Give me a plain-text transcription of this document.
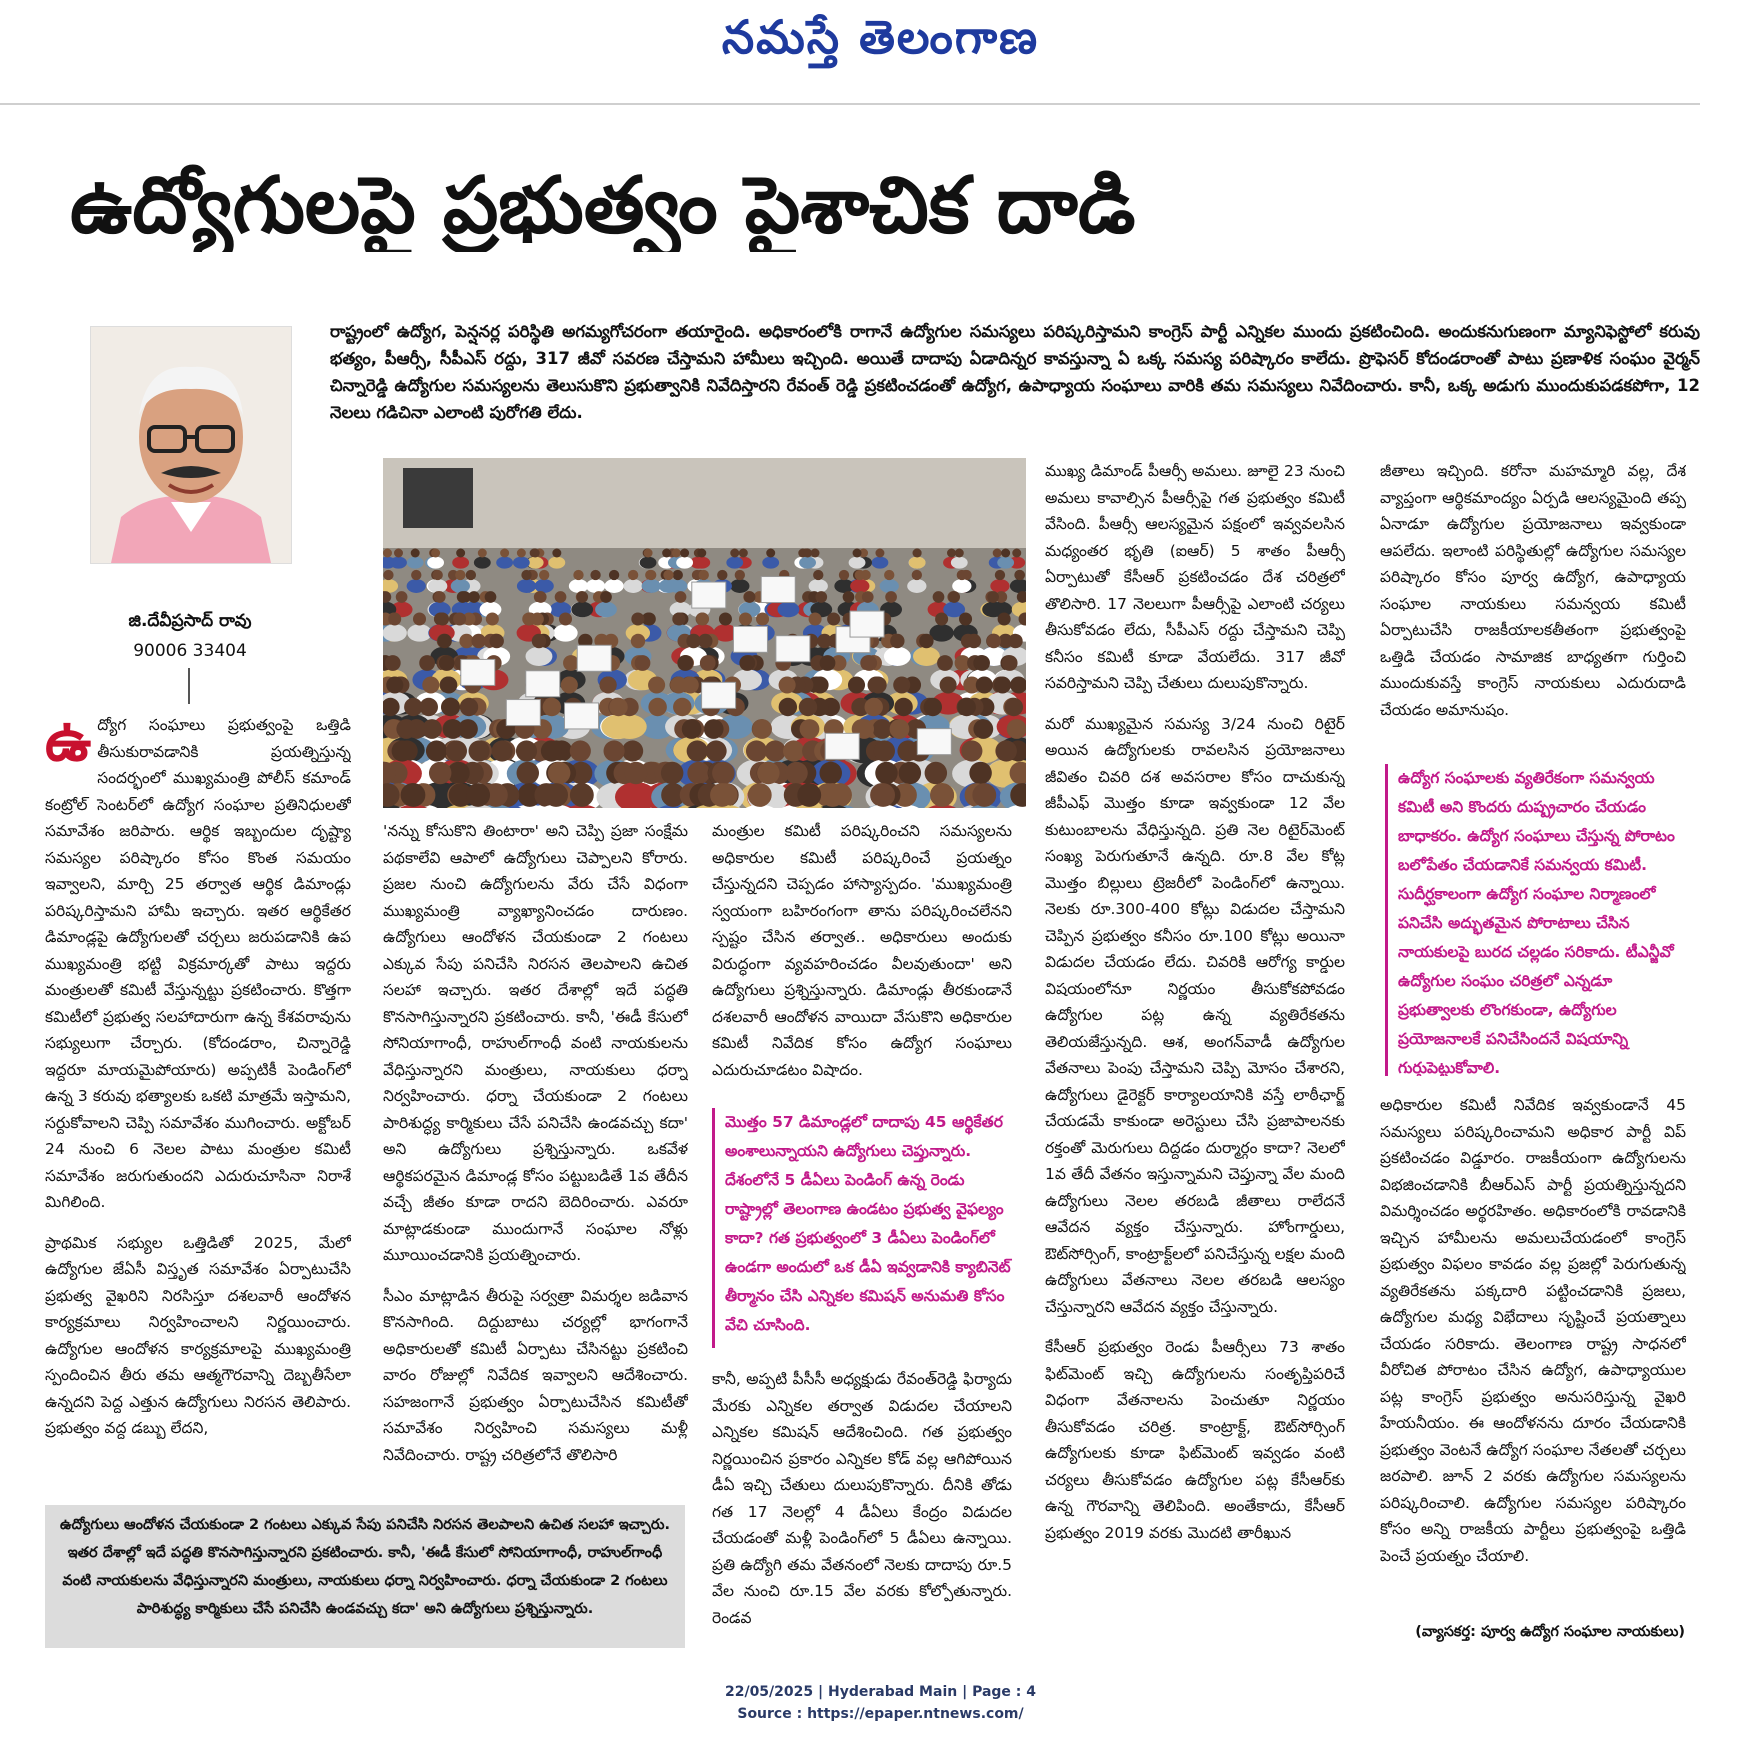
నమస్తే తెలంగాణ
ఉద్యోగులపై ప్రభుత్వం పైశాచిక దాడి
రాష్ట్రంలో ఉద్యోగ, పెన్షనర్ల పరిస్థితి అగమ్యగోచరంగా తయారైంది. అధికారంలోకి రాగానే ఉద్యోగుల సమస్యలు పరిష్కరిస్తామని కాంగ్రెస్ పార్టీ ఎన్నికల ముందు ప్రకటించింది. అందుకనుగుణంగా మ్యానిఫెస్టోలో కరువు భత్యం, పీఆర్సీ, సీపీఎస్ రద్దు, 317 జీవో సవరణ చేస్తామని హామీలు ఇచ్చింది. అయితే దాదాపు ఏడాదిన్నర కావస్తున్నా ఏ ఒక్క సమస్య పరిష్కారం కాలేదు. ప్రొఫెసర్ కోదండరాంతో పాటు ప్రణాళిక సంఘం వైర్మన్ చిన్నారెడ్డి ఉద్యోగుల సమస్యలను తెలుసుకొని ప్రభుత్వానికి నివేదిస్తారని రేవంత్ రెడ్డి ప్రకటించడంతో ఉద్యోగ, ఉపాధ్యాయ సంఘాలు వారికి తమ సమస్యలు నివేదించారు. కానీ, ఒక్క అడుగు ముందుకుపడకపోగా, 12 నెలలు గడిచినా ఎలాంటి పురోగతి లేదు.
జి.దేవీప్రసాద్ రావు
90006 33404

ఉద్యోగ సంఘాలు ప్రభుత్వంపై ఒత్తిడి తీసుకురావడానికి ప్రయత్నిస్తున్న సందర్భంలో ముఖ్యమంత్రి పోలీస్ కమాండ్ కంట్రోల్ సెంటర్‌లో ఉద్యోగ సంఘాల ప్రతినిధులతో సమావేశం జరిపారు. ఆర్థిక ఇబ్బందుల దృష్ట్యా సమస్యల పరిష్కారం కోసం కొంత సమయం ఇవ్వాలని, మార్చి 25 తర్వాత ఆర్థిక డిమాండ్లు పరిష్కరిస్తామని హామీ ఇచ్చారు. ఇతర ఆర్థికేతర డిమాండ్లపై ఉద్యోగులతో చర్చలు జరుపడానికి ఉప ముఖ్యమంత్రి భట్టి విక్రమార్కతో పాటు ఇద్దరు మంత్రులతో కమిటీ వేస్తున్నట్టు ప్రకటించారు. కొత్తగా కమిటీలో ప్రభుత్వ సలహాదారుగా ఉన్న కేశవరావును సభ్యులుగా చేర్చారు. (కోదండరాం, చిన్నారెడ్డి ఇద్దరూ మాయమైపోయారు) అప్పటికీ పెండింగ్‌లో ఉన్న 3 కరువు భత్యాలకు ఒకటి మాత్రమే ఇస్తామని, సర్దుకోవాలని చెప్పి సమావేశం ముగించారు. అక్టోబర్ 24 నుంచి 6 నెలల పాటు మంత్రుల కమిటీ సమావేశం జరుగుతుందని ఎదురుచూసినా నిరాశే మిగిలింది.

ప్రాథమిక సభ్యుల ఒత్తిడితో 2025, మేలో ఉద్యోగుల జేఏసీ విస్తృత సమావేశం ఏర్పాటుచేసి ప్రభుత్వ వైఖరిని నిరసిస్తూ దశలవారీ ఆందోళన కార్యక్రమాలు నిర్వహించాలని నిర్ణయించారు. ఉద్యోగుల ఆందోళన కార్యక్రమాలపై ముఖ్యమంత్రి స్పందించిన తీరు తమ ఆత్మగౌరవాన్ని దెబ్బతీసేలా ఉన్నదని పెద్ద ఎత్తున ఉద్యోగులు నిరసన తెలిపారు. ప్రభుత్వం వద్ద డబ్బు లేదని,

'నన్ను కోసుకొని తింటారా' అని చెప్పి ప్రజా సంక్షేమ పథకాలేవి ఆపాలో ఉద్యోగులు చెప్పాలని కోరారు. ప్రజల నుంచి ఉద్యోగులను వేరు చేసే విధంగా ముఖ్యమంత్రి వ్యాఖ్యానించడం దారుణం. ఉద్యోగులు ఆందోళన చేయకుండా 2 గంటలు ఎక్కువ సేపు పనిచేసి నిరసన తెలపాలని ఉచిత సలహా ఇచ్చారు. ఇతర దేశాల్లో ఇదే పద్ధతి కొనసాగిస్తున్నారని ప్రకటించారు. కానీ, 'ఈడీ కేసులో సోనియాగాంధీ, రాహుల్‌గాంధీ వంటి నాయకులను వేధిస్తున్నారని మంత్రులు, నాయకులు ధర్నా నిర్వహించారు. ధర్నా చేయకుండా 2 గంటలు పారిశుద్ధ్య కార్మికులు చేసే పనిచేసి ఉండవచ్చు కదా' అని ఉద్యోగులు ప్రశ్నిస్తున్నారు. ఒకవేళ ఆర్థికపరమైన డిమాండ్ల కోసం పట్టుబడితే 1వ తేదీన వచ్చే జీతం కూడా రాదని బెదిరించారు. ఎవరూ మాట్లాడకుండా ముందుగానే సంఘాల నోళ్లు మూయించడానికి ప్రయత్నించారు.

సీఎం మాట్లాడిన తీరుపై సర్వత్రా విమర్శల జడివాన కొనసాగింది. దిద్దుబాటు చర్యల్లో భాగంగానే అధికారులతో కమిటీ ఏర్పాటు చేసినట్టు ప్రకటించి వారం రోజుల్లో నివేదిక ఇవ్వాలని ఆదేశించారు. సహజంగానే ప్రభుత్వం ఏర్పాటుచేసిన కమిటీతో సమావేశం నిర్వహించి సమస్యలు మళ్లీ నివేదించారు. రాష్ట్ర చరిత్రలోనే తొలిసారి

మంత్రుల కమిటీ పరిష్కరించని సమస్యలను అధికారుల కమిటీ పరిష్కరించే ప్రయత్నం చేస్తున్నదని చెప్పడం హాస్యాస్పదం. 'ముఖ్యమంత్రి స్వయంగా బహిరంగంగా తాను పరిష్కరించలేనని స్పష్టం చేసిన తర్వాత.. అధికారులు అందుకు విరుద్ధంగా వ్యవహరించడం వీలవుతుందా' అని ఉద్యోగులు ప్రశ్నిస్తున్నారు. డిమాండ్లు తీరకుండానే దశలవారీ ఆందోళన వాయిదా వేసుకొని అధికారుల కమిటీ నివేదిక కోసం ఉద్యోగ సంఘాలు ఎదురుచూడటం విషాదం.

మొత్తం 57 డిమాండ్లలో దాదాపు 45 ఆర్థికేతర అంశాలున్నాయని ఉద్యోగులు చెప్తున్నారు. దేశంలోనే 5 డీఏలు పెండింగ్ ఉన్న రెండు రాష్ట్రాల్లో తెలంగాణ ఉండటం ప్రభుత్వ వైఫల్యం కాదా? గత ప్రభుత్వంలో 3 డీఏలు పెండింగ్‌లో ఉండగా అందులో ఒక డీఏ ఇవ్వడానికి క్యాబినెట్ తీర్మానం చేసి ఎన్నికల కమిషన్ అనుమతి కోసం వేచి చూసింది.

కానీ, అప్పటి పీసీసీ అధ్యక్షుడు రేవంత్‌రెడ్డి ఫిర్యాదు మేరకు ఎన్నికల తర్వాత విడుదల చేయాలని ఎన్నికల కమిషన్ ఆదేశించింది. గత ప్రభుత్వం నిర్ణయించిన ప్రకారం ఎన్నికల కోడ్ వల్ల ఆగిపోయిన డీఏ ఇచ్చి చేతులు దులుపుకొన్నారు. దీనికి తోడు గత 17 నెలల్లో 4 డీఏలు కేంద్రం విడుదల చేయడంతో మళ్లీ పెండింగ్‌లో 5 డీఏలు ఉన్నాయి. ప్రతి ఉద్యోగి తమ వేతనంలో నెలకు దాదాపు రూ.5 వేల నుంచి రూ.15 వేల వరకు కోల్పోతున్నారు. రెండవ

ముఖ్య డిమాండ్ పీఆర్సీ అమలు. జూలై 23 నుంచి అమలు కావాల్సిన పీఆర్సీపై గత ప్రభుత్వం కమిటీ వేసింది. పీఆర్సీ ఆలస్యమైన పక్షంలో ఇవ్వవలసిన మధ్యంతర భృతి (ఐఆర్) 5 శాతం పీఆర్సీ ఏర్పాటుతో కేసీఆర్ ప్రకటించడం దేశ చరిత్రలో తొలిసారి. 17 నెలలుగా పీఆర్సీపై ఎలాంటి చర్యలు తీసుకోవడం లేదు, సీపీఎస్ రద్దు చేస్తామని చెప్పి కనీసం కమిటీ కూడా వేయలేదు. 317 జీవో సవరిస్తామని చెప్పి చేతులు దులుపుకొన్నారు.

మరో ముఖ్యమైన సమస్య 3/24 నుంచి రిటైర్ అయిన ఉద్యోగులకు రావలసిన ప్రయోజనాలు జీవితం చివరి దశ అవసరాల కోసం దాచుకున్న జీపీఎఫ్ మొత్తం కూడా ఇవ్వకుండా 12 వేల కుటుంబాలను వేధిస్తున్నది. ప్రతి నెల రిటైర్‌మెంట్ సంఖ్య పెరుగుతూనే ఉన్నది. రూ.8 వేల కోట్ల మొత్తం బిల్లులు ట్రెజరీలో పెండింగ్‌లో ఉన్నాయి. నెలకు రూ.300-400 కోట్లు విడుదల చేస్తామని చెప్పిన ప్రభుత్వం కనీసం రూ.100 కోట్లు అయినా విడుదల చేయడం లేదు. చివరికి ఆరోగ్య కార్డుల విషయంలోనూ నిర్ణయం తీసుకోకపోవడం ఉద్యోగుల పట్ల ఉన్న వ్యతిరేకతను తెలియజేస్తున్నది. ఆశ, అంగన్‌వాడీ ఉద్యోగుల వేతనాలు పెంపు చేస్తామని చెప్పి మోసం చేశారని, ఉద్యోగులు డైరెక్టర్ కార్యాలయానికి వస్తే లాఠీఛార్జ్ చేయడమే కాకుండా అరెస్టులు చేసి ప్రజాపాలనకు రక్తంతో మెరుగులు దిద్దడం దుర్మార్గం కాదా? నెలలో 1వ తేదీ వేతనం ఇస్తున్నామని చెప్తున్నా వేల మంది ఉద్యోగులు నెలల తరబడి జీతాలు రాలేదనే ఆవేదన వ్యక్తం చేస్తున్నారు. హోంగార్డులు, ఔట్‌సోర్సింగ్, కాంట్రాక్ట్‌లలో పనిచేస్తున్న లక్షల మంది ఉద్యోగులు వేతనాలు నెలల తరబడి ఆలస్యం చేస్తున్నారని ఆవేదన వ్యక్తం చేస్తున్నారు.

కేసీఆర్ ప్రభుత్వం రెండు పీఆర్సీలు 73 శాతం ఫిట్‌మెంట్ ఇచ్చి ఉద్యోగులను సంతృప్తిపరిచే విధంగా వేతనాలను పెంచుతూ నిర్ణయం తీసుకోవడం చరిత్ర. కాంట్రాక్ట్, ఔట్‌సోర్సింగ్ ఉద్యోగులకు కూడా ఫిట్‌మెంట్ ఇవ్వడం వంటి చర్యలు తీసుకోవడం ఉద్యోగుల పట్ల కేసీఆర్‌కు ఉన్న గౌరవాన్ని తెలిపింది. అంతేకాదు, కేసీఆర్ ప్రభుత్వం 2019 వరకు మొదటి తారీఖున

జీతాలు ఇచ్చింది. కరోనా మహమ్మారి వల్ల, దేశ వ్యాప్తంగా ఆర్థికమాంద్యం ఏర్పడి ఆలస్యమైంది తప్ప ఏనాడూ ఉద్యోగుల ప్రయోజనాలు ఇవ్వకుండా ఆపలేదు. ఇలాంటి పరిస్థితుల్లో ఉద్యోగుల సమస్యల పరిష్కారం కోసం పూర్వ ఉద్యోగ, ఉపాధ్యాయ సంఘాల నాయకులు సమన్వయ కమిటీ ఏర్పాటుచేసి రాజకీయాలకతీతంగా ప్రభుత్వంపై ఒత్తిడి చేయడం సామాజిక బాధ్యతగా గుర్తించి ముందుకువస్తే కాంగ్రెస్ నాయకులు ఎదురుదాడి చేయడం అమానుషం.

ఉద్యోగ సంఘాలకు వ్యతిరేకంగా సమన్వయ కమిటీ అని కొందరు దుష్ప్రచారం చేయడం బాధాకరం. ఉద్యోగ సంఘాలు చేస్తున్న పోరాటం బలోపేతం చేయడానికే సమన్వయ కమిటీ. సుదీర్ఘకాలంగా ఉద్యోగ సంఘాల నిర్మాణంలో పనిచేసి అద్భుతమైన పోరాటాలు చేసిన నాయకులపై బురద చల్లడం సరికాదు. టీఎన్జీవో ఉద్యోగుల సంఘం చరిత్రలో ఎన్నడూ ప్రభుత్వాలకు లొంగకుండా, ఉద్యోగుల ప్రయోజనాలకే పనిచేసిందనే విషయాన్ని గుర్తుపెట్టుకోవాలి.

అధికారుల కమిటీ నివేదిక ఇవ్వకుండానే 45 సమస్యలు పరిష్కరించామని అధికార పార్టీ విప్ ప్రకటించడం విడ్డూరం. రాజకీయంగా ఉద్యోగులను విభజించడానికి బీఆర్ఎస్ పార్టీ ప్రయత్నిస్తున్నదని విమర్శించడం అర్థరహితం. అధికారంలోకి రావడానికి ఇచ్చిన హామీలను అమలుచేయడంలో కాంగ్రెస్ ప్రభుత్వం విఫలం కావడం వల్ల ప్రజల్లో పెరుగుతున్న వ్యతిరేకతను పక్కదారి పట్టించడానికి ప్రజలు, ఉద్యోగుల మధ్య విభేదాలు సృష్టించే ప్రయత్నాలు చేయడం సరికాదు. తెలంగాణ రాష్ట్ర సాధనలో వీరోచిత పోరాటం చేసిన ఉద్యోగ, ఉపాధ్యాయుల పట్ల కాంగ్రెస్ ప్రభుత్వం అనుసరిస్తున్న వైఖరి హేయనీయం. ఈ ఆందోళనను దూరం చేయడానికి ప్రభుత్వం వెంటనే ఉద్యోగ సంఘాల నేతలతో చర్చలు జరపాలి. జూన్ 2 వరకు ఉద్యోగుల సమస్యలను పరిష్కరించాలి. ఉద్యోగుల సమస్యల పరిష్కారం కోసం అన్ని రాజకీయ పార్టీలు ప్రభుత్వంపై ఒత్తిడి పెంచే ప్రయత్నం చేయాలి.

(వ్యాసకర్త: పూర్వ ఉద్యోగ సంఘాల నాయకులు)
ఉద్యోగులు ఆందోళన చేయకుండా 2 గంటలు ఎక్కువ సేపు పనిచేసి నిరసన తెలపాలని ఉచిత సలహా ఇచ్చారు. ఇతర దేశాల్లో ఇదే పద్ధతి కొనసాగిస్తున్నారని ప్రకటించారు. కానీ, 'ఈడీ కేసులో సోనియాగాంధీ, రాహుల్‌గాంధీ వంటి నాయకులను వేధిస్తున్నారని మంత్రులు, నాయకులు ధర్నా నిర్వహించారు. ధర్నా చేయకుండా 2 గంటలు పారిశుద్ధ్య కార్మికులు చేసే పనిచేసి ఉండవచ్చు కదా' అని ఉద్యోగులు ప్రశ్నిస్తున్నారు.
22/05/2025 | Hyderabad Main | Page : 4
Source : https://epaper.ntnews.com/
